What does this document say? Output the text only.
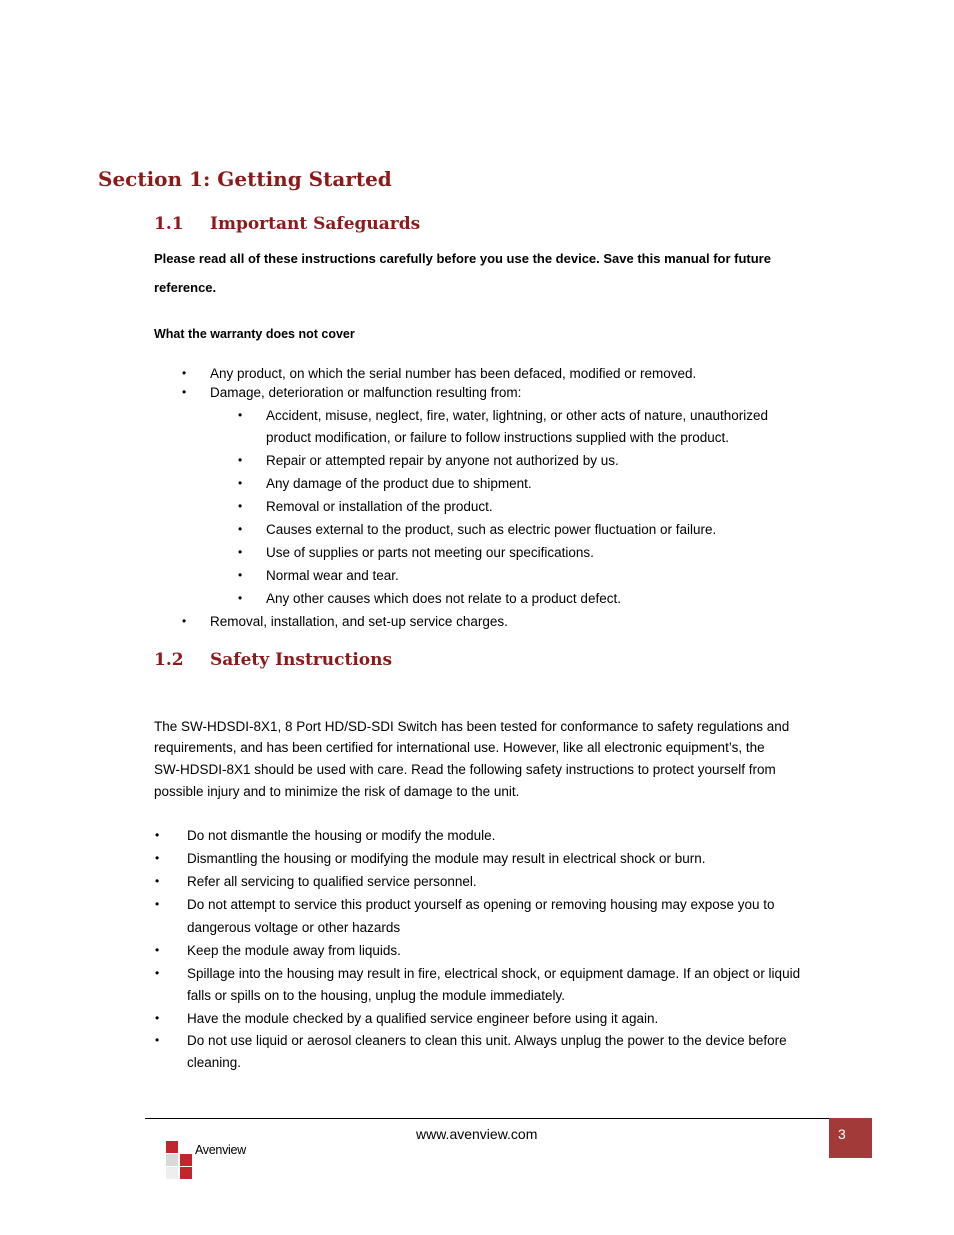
Section 1: Getting Started
1.1 Important Safeguards
Please read all of these instructions carefully before you use the device. Save this manual for future
reference.
What the warranty does not cover
• Any product, on which the serial number has been defaced, modified or removed.
• Damage, deterioration or malfunction resulting from:
• Accident, misuse, neglect, fire, water, lightning, or other acts of nature, unauthorized
product modification, or failure to follow instructions supplied with the product.
• Repair or attempted repair by anyone not authorized by us.
• Any damage of the product due to shipment.
• Removal or installation of the product.
• Causes external to the product, such as electric power fluctuation or failure.
• Use of supplies or parts not meeting our specifications.
• Normal wear and tear.
• Any other causes which does not relate to a product defect.
• Removal, installation, and set-up service charges.
1.2 Safety Instructions
The SW-HDSDI-8X1, 8 Port HD/SD-SDI Switch has been tested for conformance to safety regulations and
requirements, and has been certified for international use. However, like all electronic equipment’s, the
SW-HDSDI-8X1 should be used with care. Read the following safety instructions to protect yourself from
possible injury and to minimize the risk of damage to the unit.
• Do not dismantle the housing or modify the module.
• Dismantling the housing or modifying the module may result in electrical shock or burn.
• Refer all servicing to qualified service personnel.
• Do not attempt to service this product yourself as opening or removing housing may expose you to
dangerous voltage or other hazards
• Keep the module away from liquids.
• Spillage into the housing may result in fire, electrical shock, or equipment damage. If an object or liquid
falls or spills on to the housing, unplug the module immediately.
• Have the module checked by a qualified service engineer before using it again.
• Do not use liquid or aerosol cleaners to clean this unit. Always unplug the power to the device before
cleaning.
www.avenview.com	3
Avenview
